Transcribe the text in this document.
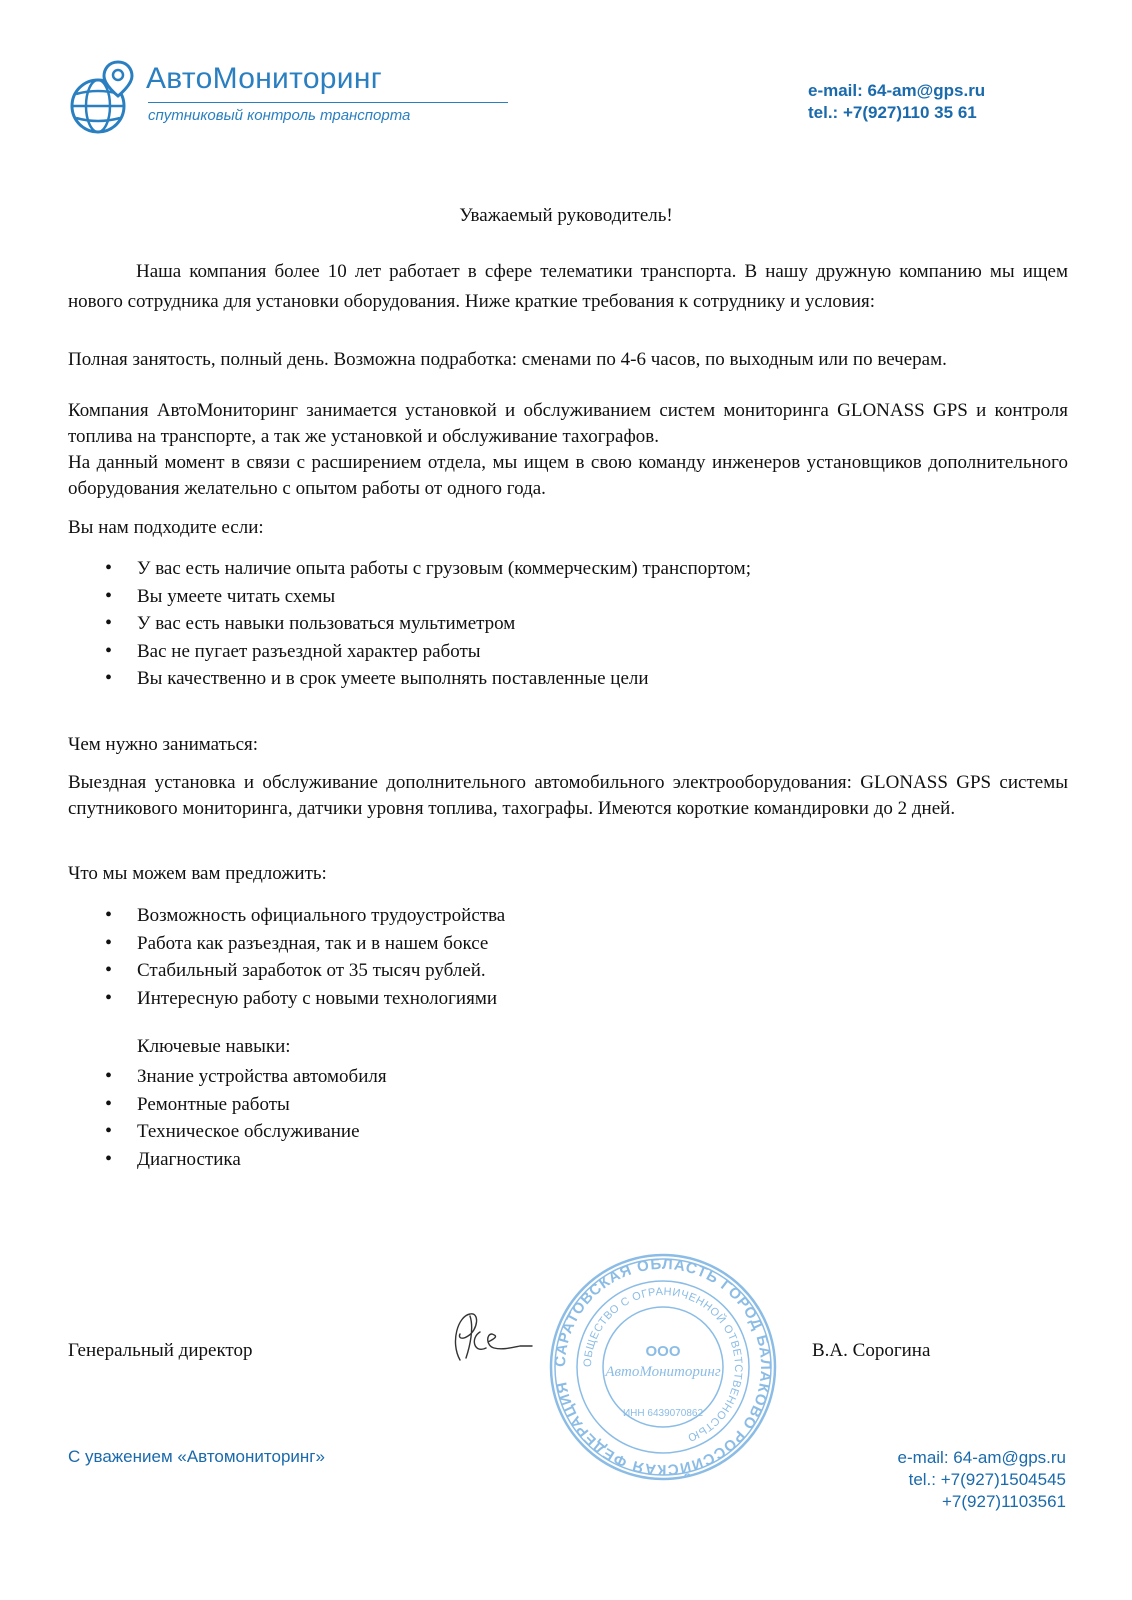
АвтоМониторинг
спутниковый контроль транспорта
e-mail: 64-am@gps.ru
tel.: +7(927)110 35 61
Уважаемый руководитель!

Наша компания более 10 лет работает в сфере телематики транспорта. В нашу дружную компанию мы ищем нового сотрудника для установки оборудования. Ниже краткие требования к сотруднику и условия:

Полная занятость, полный день. Возможна подработка: сменами по 4-6 часов, по выходным или по вечерам.

Компания АвтоМониторинг занимается установкой и обслуживанием систем мониторинга GLONASS GPS и контроля топлива на транспорте, а так же установкой и обслуживание тахографов.

На данный момент в связи с расширением отдела, мы ищем в свою команду инженеров установщиков дополнительного оборудования желательно с опытом работы от одного года.

Вы нам подходите если:
• У вас есть наличие опыта работы с грузовым (коммерческим) транспортом;
• Вы умеете читать схемы
• У вас есть навыки пользоваться мультиметром
• Вас не пугает разъездной характер работы
• Вы качественно и в срок умеете выполнять поставленные цели
Чем нужно заниматься:

Выездная установка и обслуживание дополнительного автомобильного электрооборудования: GLONASS GPS системы спутникового мониторинга, датчики уровня топлива, тахографы. Имеются короткие командировки до 2 дней.

Что мы можем вам предложить:
• Возможность официального трудоустройства
• Работа как разъездная, так и в нашем боксе
• Стабильный заработок от 35 тысяч рублей.
• Интересную работу с новыми технологиями
Ключевые навыки:
• Знание устройства автомобиля
• Ремонтные работы
• Техническое обслуживание
• Диагностика
САРАТОВСКАЯ ОБЛАСТЬ ГОРОД БАЛАКОВО РОССИЙСКАЯ ФЕДЕРАЦИЯ
ОБЩЕСТВО С ОГРАНИЧЕННОЙ ОТВЕТСТВЕННОСТЬЮ
ООО
АвтоМониторинг
ИНН 6439070862
Генеральный директор	В.А. Сорогина
С уважением «Автомониторинг»	e-mail: 64-am@gps.ru
tel.: +7(927)1504545
+7(927)1103561
